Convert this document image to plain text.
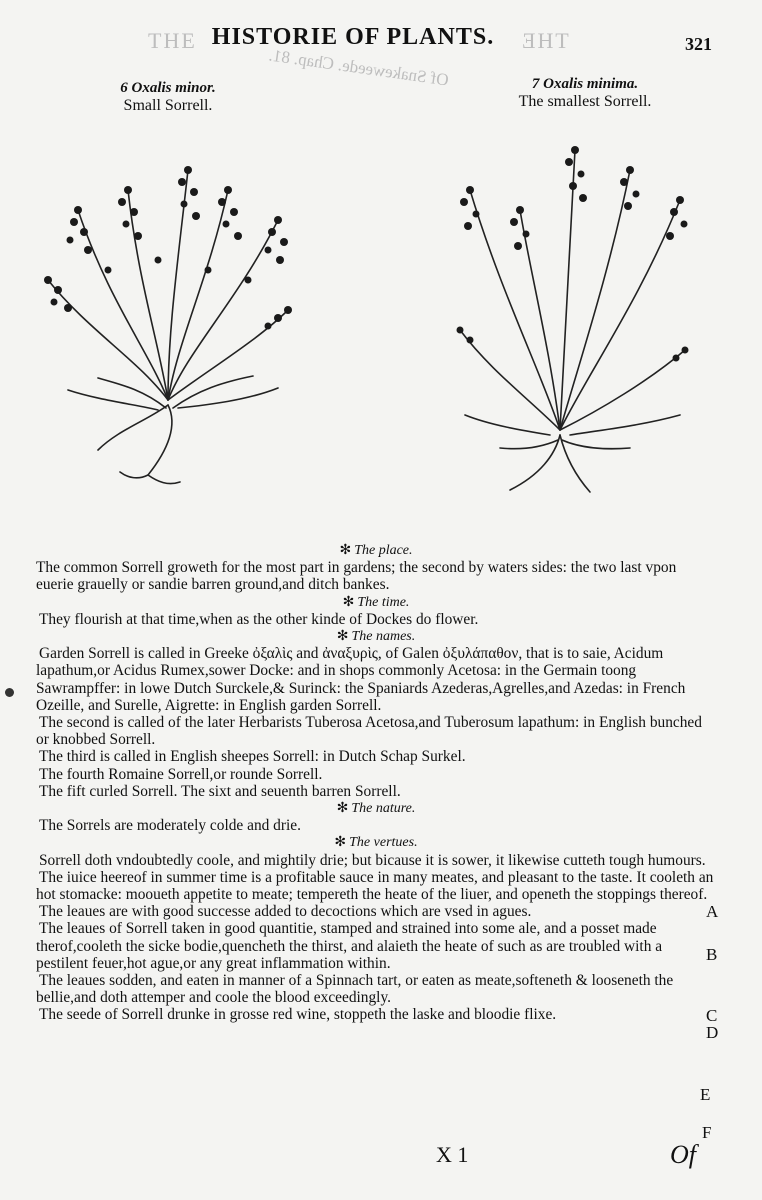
THE	THE
Of Snakeweede. Chap. 81.
HISTORIE OF PLANTS.	321
6 Oxalis minor.
Small Sorrell.
7 Oxalis minima.
The smallest Sorrell.

✻ The place.

The common Sorrell groweth for the most part in gardens; the second by waters sides: the two last vpon euerie grauelly or sandie barren ground,and ditch bankes.

✻ The time.

They flourish at that time,when as the other kinde of Dockes do flower.

✻ The names.

Garden Sorrell is called in Greeke ὀξαλὶς and ἀναξυρὶς, of Galen ὀξυλάπαθον, that is to saie, Acidum lapathum,or Acidus Rumex,sower Docke: and in shops commonly Acetosa: in the Germain toong Sawrampffer: in lowe Dutch Surckele,& Surinck: the Spaniards Azederas,Agrelles,and Azedas: in French Ozeille, and Surelle, Aigrette: in English garden Sorrell.

The second is called of the later Herbarists Tuberosa Acetosa,and Tuberosum lapathum: in English bunched or knobbed Sorrell.

The third is called in English sheepes Sorrell: in Dutch Schap Surkel.

The fourth Romaine Sorrell,or rounde Sorrell.

The fift curled Sorrell. The sixt and seuenth barren Sorrell.

✻ The nature.

The Sorrels are moderately colde and drie.

✻ The vertues.

Sorrell doth vndoubtedly coole, and mightily drie; but bicause it is sower, it likewise cutteth tough humours.

The iuice heereof in summer time is a profitable sauce in many meates, and pleasant to the taste. It cooleth an hot stomacke: mooueth appetite to meate; tempereth the heate of the liuer, and openeth the stoppings thereof.

The leaues are with good successe added to decoctions which are vsed in agues.

The leaues of Sorrell taken in good quantitie, stamped and strained into some ale, and a posset made therof,cooleth the sicke bodie,quencheth the thirst, and alaieth the heate of such as are troubled with a pestilent feuer,hot ague,or any great inflammation within.

The leaues sodden, and eaten in manner of a Spinnach tart, or eaten as meate,softeneth & looseneth the bellie,and doth attemper and coole the blood exceedingly.

The seede of Sorrell drunke in grosse red wine, stoppeth the laske and bloodie flixe.

A
B
C
D
E
F
X 1	Of
